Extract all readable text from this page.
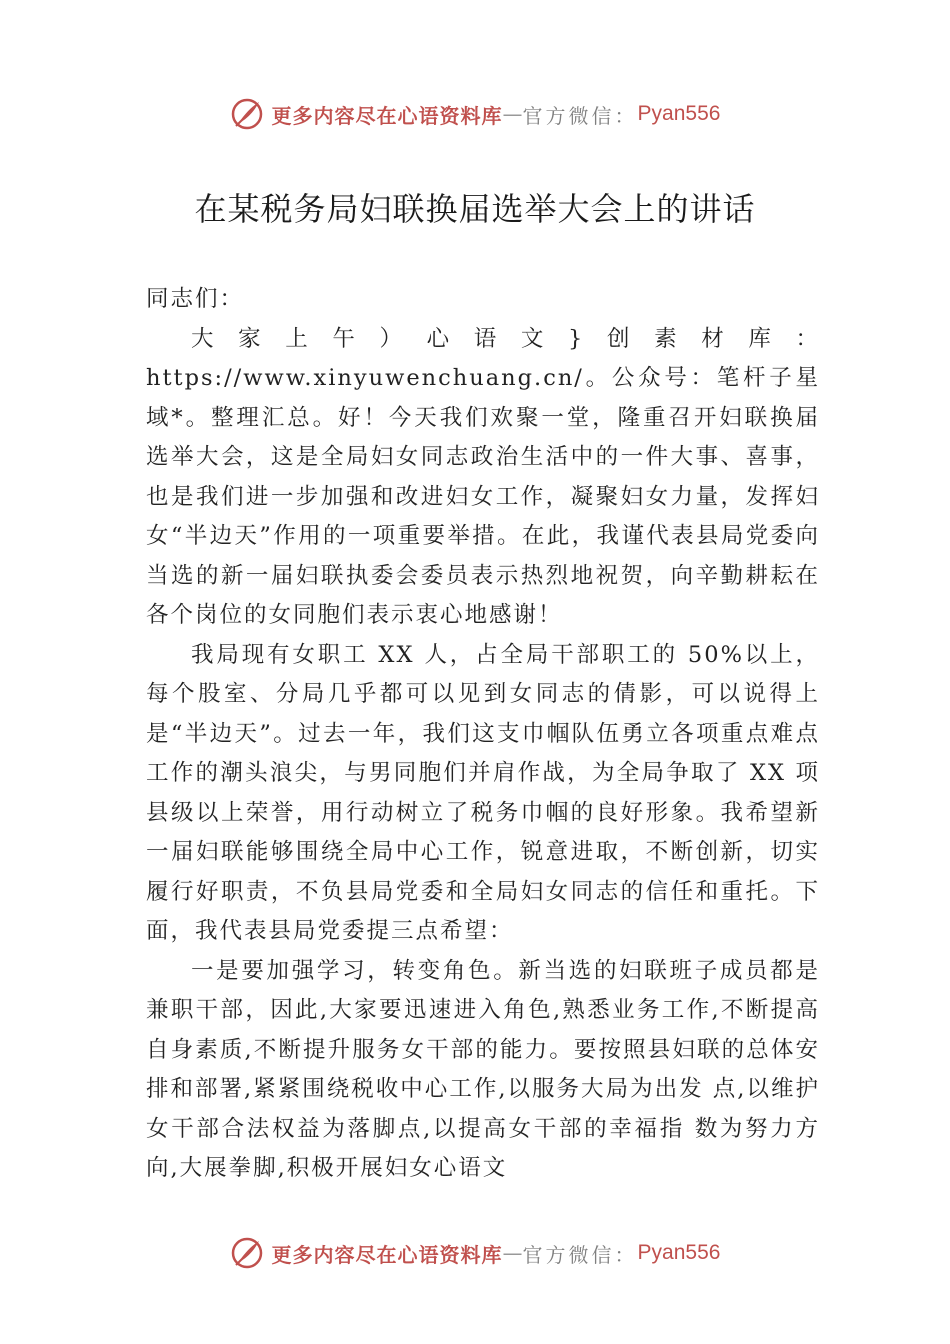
更多内容尽在心语资料库 — 官方微信： Pyan556
在某税务局妇联换届选举大会上的讲话

同志们：

大家上午）心语文}创素材库：https://www.xinyuwenchuang.cn/。公众号：笔杆子星域*。整理汇总。好！今天我们欢聚一堂，隆重召开妇联换届选举大会，这是全局妇女同志政治生活中的一件大事、喜事，也是我们进一步加强和改进妇女工作，凝聚妇女力量，发挥妇女“半边天”作用的一项重要举措。在此，我谨代表县局党委向当选的新一届妇联执委会委员表示热烈地祝贺，向辛勤耕耘在各个岗位的女同胞们表示衷心地感谢！

我局现有女职工 XX 人，占全局干部职工的 50%以上，每个股室、分局几乎都可以见到女同志的倩影，可以说得上是“半边天”。过去一年，我们这支巾帼队伍勇立各项重点难点工作的潮头浪尖，与男同胞们并肩作战，为全局争取了 XX 项县级以上荣誉，用行动树立了税务巾帼的良好形象。我希望新一届妇联能够围绕全局中心工作，锐意进取，不断创新，切实履行好职责，不负县局党委和全局妇女同志的信任和重托。下面，我代表县局党委提三点希望：

一是要加强学习，转变角色。新当选的妇联班子成员都是兼职干部，因此,大家要迅速进入角色,熟悉业务工作,不断提高自身素质,不断提升服务女干部的能力。要按照县妇联的总体安排和部署,紧紧围绕税收中心工作,以服务大局为出发 点,以维护女干部合法权益为落脚点,以提高女干部的幸福指 数为努力方向,大展拳脚,积极开展妇女心语文

更多内容尽在心语资料库 — 官方微信： Pyan556
